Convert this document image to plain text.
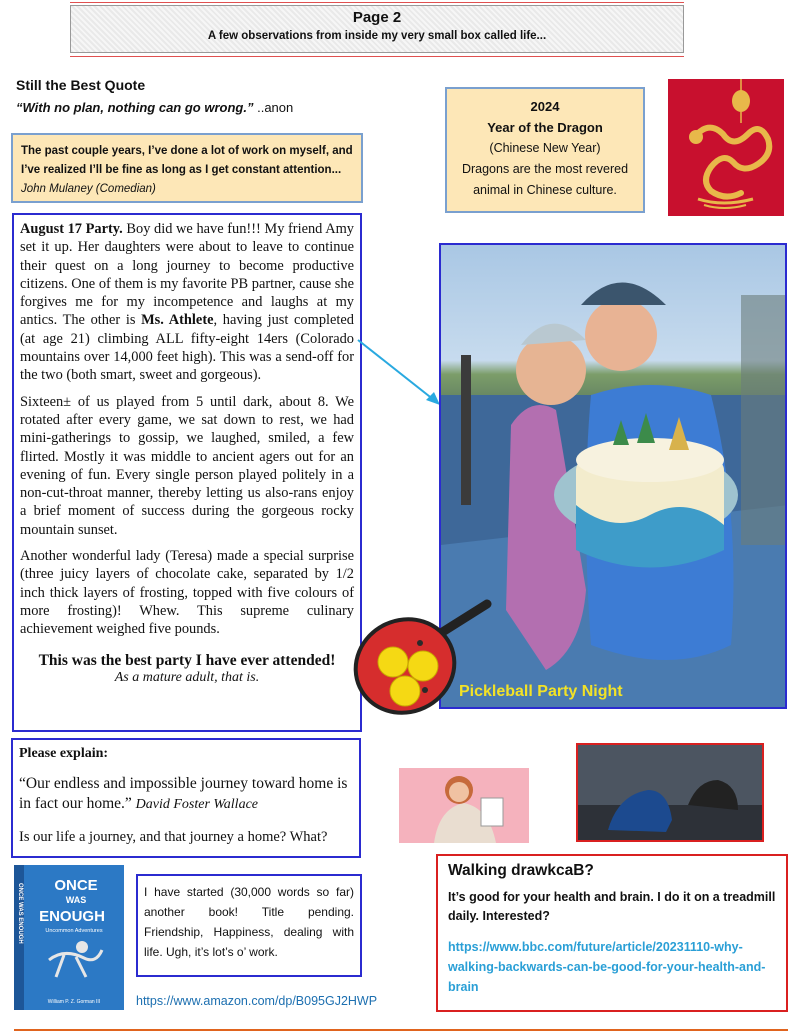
Page 2
A few observations from inside my very small box called life...
Still the Best Quote
“With no plan, nothing can go wrong.” ..anon
The past couple years, I’ve done a lot of work on myself, and I’ve realized I’ll be fine as long as I get constant attention... John Mulaney (Comedian)
2024
Year of the Dragon
(Chinese New Year)
Dragons are the most revered
animal in Chinese culture.

August 17 Party. Boy did we have fun!!! My friend Amy set it up. Her daughters were about to leave to continue their quest on a long journey to become productive citizens. One of them is my favorite PB partner, cause she forgives me for my incompetence and laughs at my antics. The other is Ms. Athlete, having just completed (at age 21) climbing ALL fifty-eight 14ers (Colorado mountains over 14,000 feet high). This was a send-off for the two (both smart, sweet and gorgeous).

Sixteen± of us played from 5 until dark, about 8. We rotated after every game, we sat down to rest, we had mini-gatherings to gossip, we laughed, smiled, a few flirted. Mostly it was middle to ancient agers out for an evening of fun. Every single person played politely in a non-cut-throat manner, thereby letting us also-rans enjoy a brief moment of success during the gorgeous rocky mountain sunset.

Another wonderful lady (Teresa) made a special surprise (three juicy layers of chocolate cake, separated by 1/2 inch thick layers of frosting, topped with five colours of more frosting)! Whew. This supreme culinary achievement weighed five pounds.

This was the best party I have ever attended!

As a mature adult, that is.
Pickleball Party Night
Please explain:
“Our endless and impossible journey toward home is in fact our home.” David Foster Wallace
Is our life a journey, and that journey a home? What?
Walking drawkcaB?
It’s good for your health and brain. I do it on a treadmill daily. Interested?
https://www.bbc.com/future/article/20231110-why-walking-backwards-can-be-good-for-your-health-and-brain
ONCE WAS ENOUGH ONCE
WAS
ENOUGH
Uncommon Adventures
William P. Z. Gorman III
I have started (30,000 words so far) another book! Title pending. Friendship, Happiness, dealing with life. Ugh, it’s lot’s o’ work.
https://www.amazon.com/dp/B095GJ2HWP
